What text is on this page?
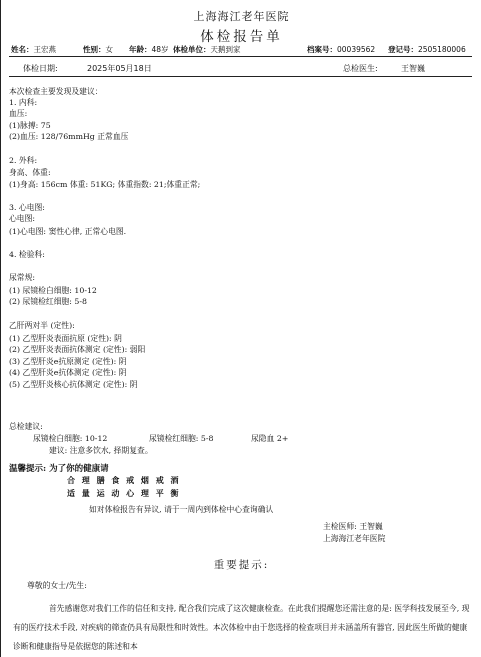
上海海江老年医院
体检报告单
姓名：王宏燕	性别：女 年龄：48岁 体检单位：天鹅到家	档案号：00039562 登记号：2505180006
体检日期:	2025年05月18日	总检医生:	王智巍
本次检查主要发现及建议：
1. 内科:
血压:
(1)脉搏: 75
(2)血压: 128/76mmHg 正常血压
2. 外科:
身高、体重:
(1)身高: 156cm 体重: 51KG; 体重指数: 21;体重正常;
3. 心电图:
心电图:
(1)心电图: 窦性心律, 正常心电图.
4. 检验科:
尿常规:
(1) 尿镜检白细胞: 10-12
(2) 尿镜检红细胞: 5-8
乙肝两对半 (定性):
(1) 乙型肝炎表面抗原 (定性): 阴
(2) 乙型肝炎表面抗体测定 (定性): 弱阳
(3) 乙型肝炎e抗原测定 (定性): 阴
(4) 乙型肝炎e抗体测定 (定性): 阴
(5) 乙型肝炎核心抗体测定 (定性): 阴
总检建议:
尿镜检白细胞: 10-12	尿镜检红细胞: 5-8	尿隐血 2+
建议: 注意多饮水, 择期复查。
温馨提示: 为了你的健康请
合 理 膳 食 戒 烟 戒 酒
适 量 运 动 心 理 平 衡
如对体检报告有异议, 请于一周内到体检中心查询确认
主检医师: 王智巍
上海海江老年医院
重要提示:
尊敬的女士/先生:
首先感谢您对我们工作的信任和支持, 配合我们完成了这次健康检查。在此我们提醒您还需注意的是: 医学科技发展至今, 现有的医疗技术手段, 对疾病的筛查仍具有局限性和时效性。本次体检中由于您选择的检查项目并未涵盖所有器官, 因此医生所做的健康诊断和健康指导是依据您的陈述和本
